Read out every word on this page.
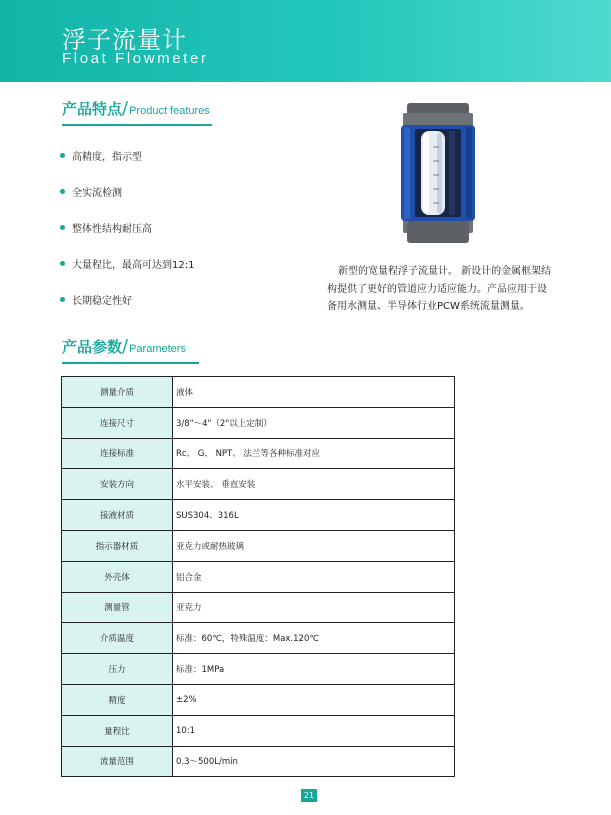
浮子流量计
Float Flowmeter
产品特点 / Product features
高精度，指示型
全实流检测
整体性结构耐压高
大量程比，最高可达到12:1
长期稳定性好

新型的宽量程浮子流量计。 新设计的金属框架结构提供了更好的管道应力适应能力。产品应用于设备用水测量、半导体行业PCW系统流量测量。

产品参数 / Parameters
测量介质	液体
连接尺寸	3/8"～4"（2"以上定制）
连接标准	Rc、 G、 NPT、 法兰等各种标准对应
安装方向	水平安装、 垂直安装
接液材质	SUS304、316L
指示器材质	亚克力或耐热玻璃
外壳体	铝合金
测量管	亚克力
介质温度	标准：60℃，特殊温度：Max.120℃
压力	标准：1MPa
精度	±2%
量程比	10:1
流量范围	0.3～500L/min
21
